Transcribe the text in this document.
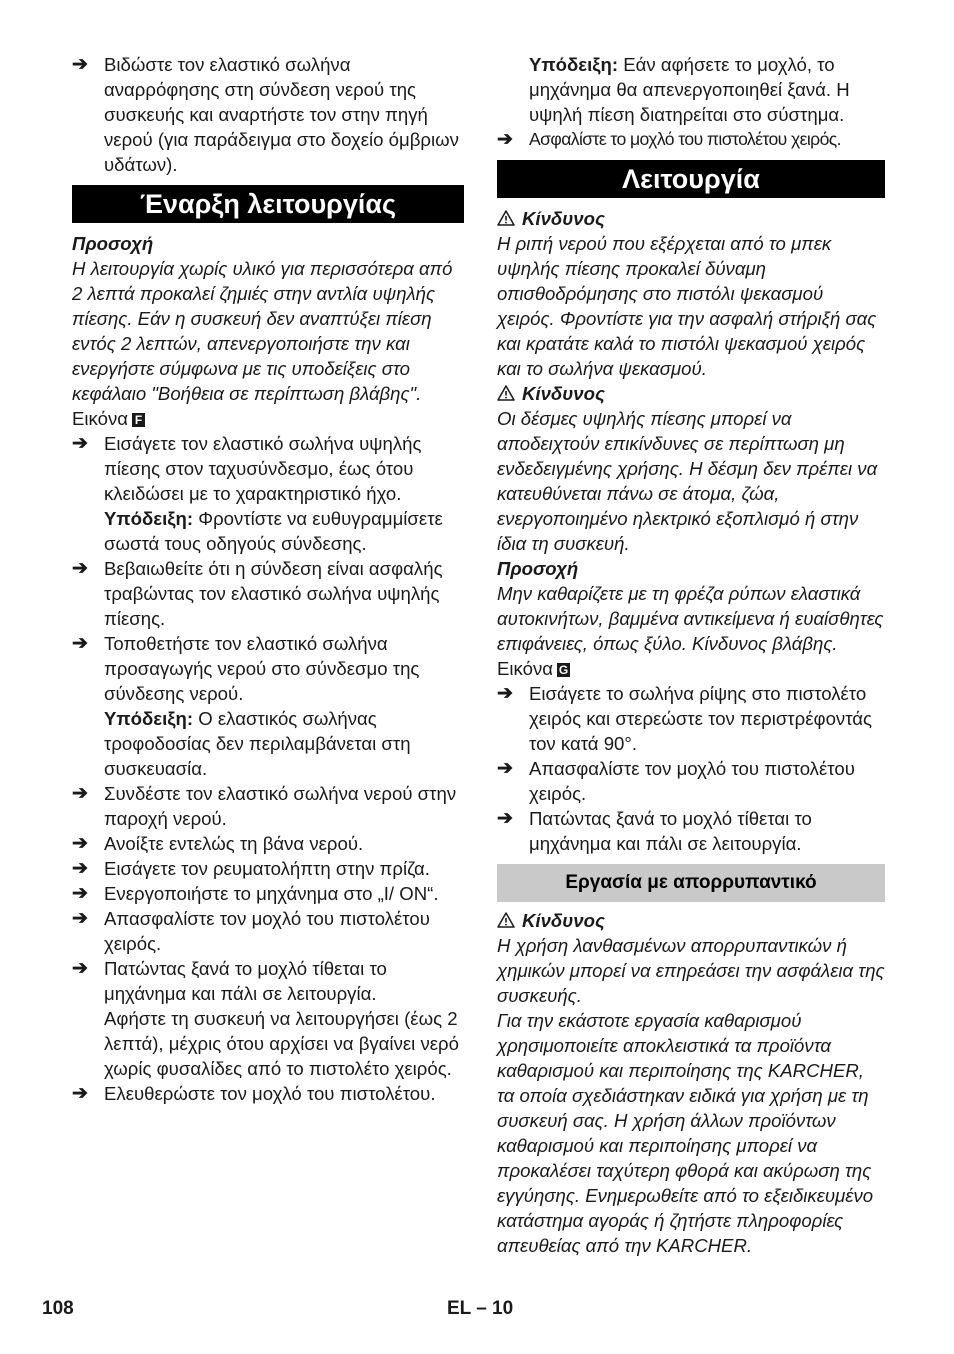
➔ Βιδώστε τον ελαστικό σωλήνα αναρρόφησης στη σύνδεση νερού της συσκευής και αναρτήστε τον στην πηγή νερού (για παράδειγμα στο δοχείο όμβριων υδάτων).

Έναρξη λειτουργίας

Προσοχή

Η λειτουργία χωρίς υλικό για περισσότερα από 2 λεπτά προκαλεί ζημιές στην αντλία υψηλής πίεσης. Εάν η συσκευή δεν αναπτύξει πίεση εντός 2 λεπτών, απενεργοποιήστε την και ενεργήστε σύμφωνα με τις υποδείξεις στο κεφάλαιο "Βοήθεια σε περίπτωση βλάβης".

Εικόνα F

➔ Εισάγετε τον ελαστικό σωλήνα υψηλής πίεσης στον ταχυσύνδεσμο, έως ότου κλειδώσει με το χαρακτηριστικό ήχο.

Υπόδειξη: Φροντίστε να ευθυγραμμίσετε σωστά τους οδηγούς σύνδεσης.

➔ Βεβαιωθείτε ότι η σύνδεση είναι ασφαλής τραβώντας τον ελαστικό σωλήνα υψηλής πίεσης.

➔ Τοποθετήστε τον ελαστικό σωλήνα προσαγωγής νερού στο σύνδεσμο της σύνδεσης νερού.

Υπόδειξη: Ο ελαστικός σωλήνας τροφοδοσίας δεν περιλαμβάνεται στη συσκευασία.

➔ Συνδέστε τον ελαστικό σωλήνα νερού στην παροχή νερού.

➔ Ανοίξτε εντελώς τη βάνα νερού.

➔ Εισάγετε τον ρευματολήπτη στην πρίζα.

➔ Ενεργοποιήστε το μηχάνημα στο „I/ ON“.

➔ Απασφαλίστε τον μοχλό του πιστολέτου χειρός.

➔ Πατώντας ξανά το μοχλό τίθεται το μηχάνημα και πάλι σε λειτουργία.

Αφήστε τη συσκευή να λειτουργήσει (έως 2 λεπτά), μέχρις ότου αρχίσει να βγαίνει νερό χωρίς φυσαλίδες από το πιστολέτο χειρός.

➔ Ελευθερώστε τον μοχλό του πιστολέτου.

Υπόδειξη: Εάν αφήσετε το μοχλό, το μηχάνημα θα απενεργοποιηθεί ξανά. Η υψηλή πίεση διατηρείται στο σύστημα.

➔ Ασφαλίστε το μοχλό του πιστολέτου χειρός.

Λειτουργία

Κίνδυνος

Η ριπή νερού που εξέρχεται από το μπεκ υψηλής πίεσης προκαλεί δύναμη οπισθοδρόμησης στο πιστόλι ψεκασμού χειρός. Φροντίστε για την ασφαλή στήριξή σας και κρατάτε καλά το πιστόλι ψεκασμού χειρός και το σωλήνα ψεκασμού.

Κίνδυνος

Οι δέσμες υψηλής πίεσης μπορεί να αποδειχτούν επικίνδυνες σε περίπτωση μη ενδεδειγμένης χρήσης. Η δέσμη δεν πρέπει να κατευθύνεται πάνω σε άτομα, ζώα, ενεργοποιημένο ηλεκτρικό εξοπλισμό ή στην ίδια τη συσκευή.

Προσοχή

Μην καθαρίζετε με τη φρέζα ρύπων ελαστικά αυτοκινήτων, βαμμένα αντικείμενα ή ευαίσθητες επιφάνειες, όπως ξύλο. Κίνδυνος βλάβης.

Εικόνα G

➔ Εισάγετε το σωλήνα ρίψης στο πιστολέτο χειρός και στερεώστε τον περιστρέφοντάς τον κατά 90°.

➔ Απασφαλίστε τον μοχλό του πιστολέτου χειρός.

➔ Πατώντας ξανά το μοχλό τίθεται το μηχάνημα και πάλι σε λειτουργία.

Εργασία με απορρυπαντικό

Κίνδυνος

Η χρήση λανθασμένων απορρυπαντικών ή χημικών μπορεί να επηρεάσει την ασφάλεια της συσκευής.

Για την εκάστοτε εργασία καθαρισμού χρησιμοποιείτε αποκλειστικά τα προϊόντα καθαρισμού και περιποίησης της KARCHER, τα οποία σχεδιάστηκαν ειδικά για χρήση με τη συσκευή σας. Η χρήση άλλων προϊόντων καθαρισμού και περιποίησης μπορεί να προκαλέσει ταχύτερη φθορά και ακύρωση της εγγύησης. Ενημερωθείτε από το εξειδικευμένο κατάστημα αγοράς ή ζητήστε πληροφορίες απευθείας από την KARCHER.

108	EL – 10
